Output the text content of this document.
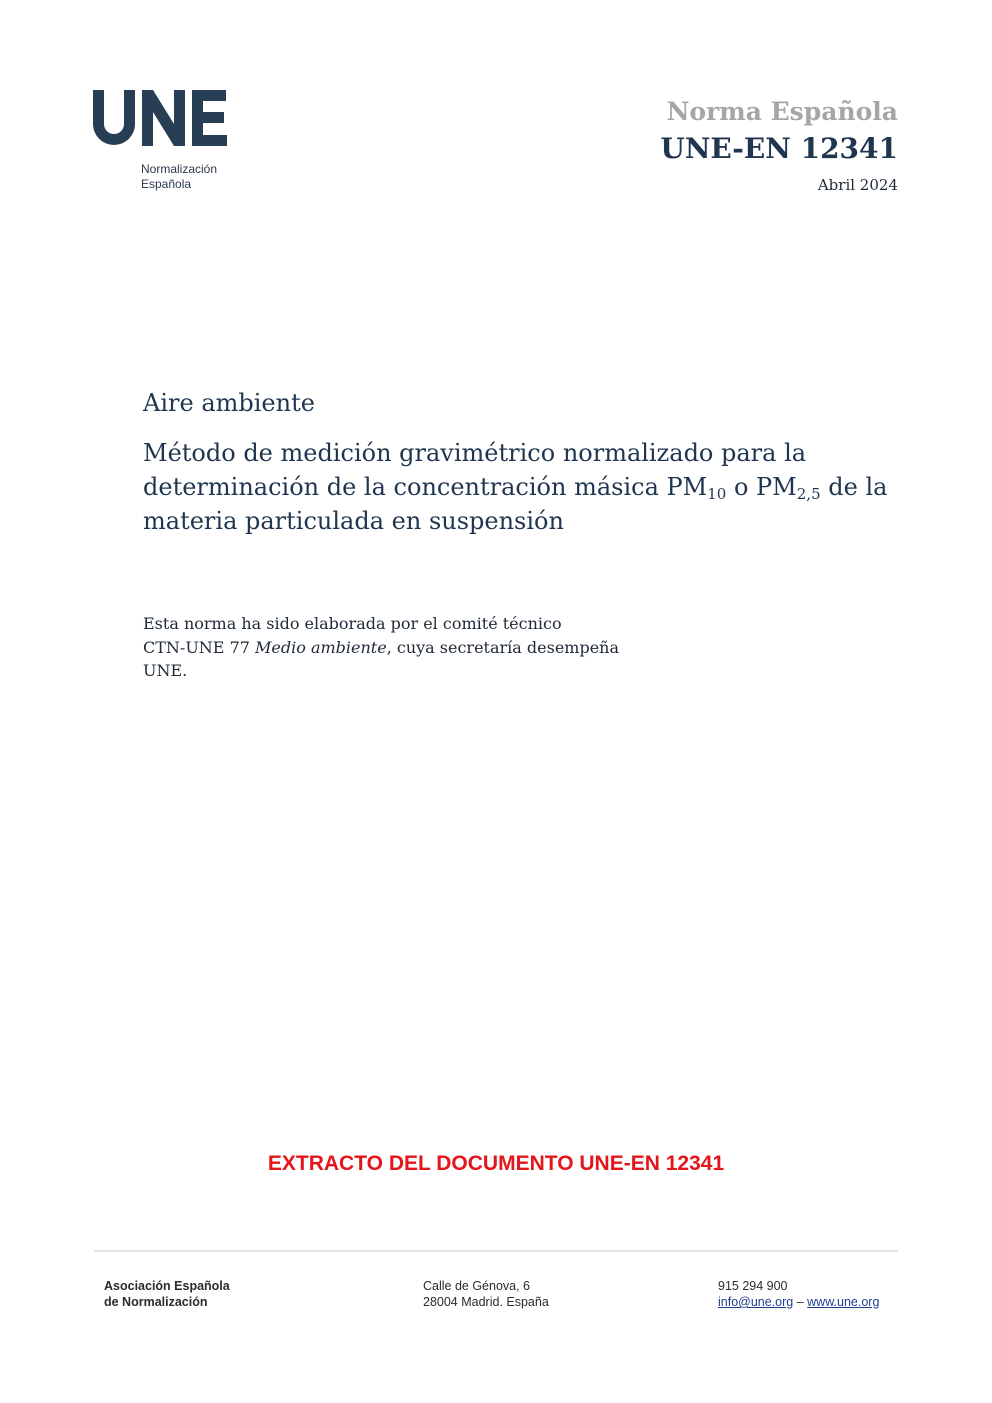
Normalización
Española
Norma Española
UNE-EN 12341
Abril 2024
Aire ambiente
Método de medición gravimétrico normalizado para la determinación de la concentración másica $PM_{10}$ o $PM_{2,5}$ de la materia particulada en suspensión
Esta norma ha sido elaborada por el comité técnico
CTN-UNE 77 Medio ambiente, cuya secretaría desempeña
UNE.
EXTRACTO DEL DOCUMENTO UNE-EN 12341
Asociación Española
de Normalización
Calle de Génova, 6
28004 Madrid. España
915 294 900
info@une.org – www.une.org
